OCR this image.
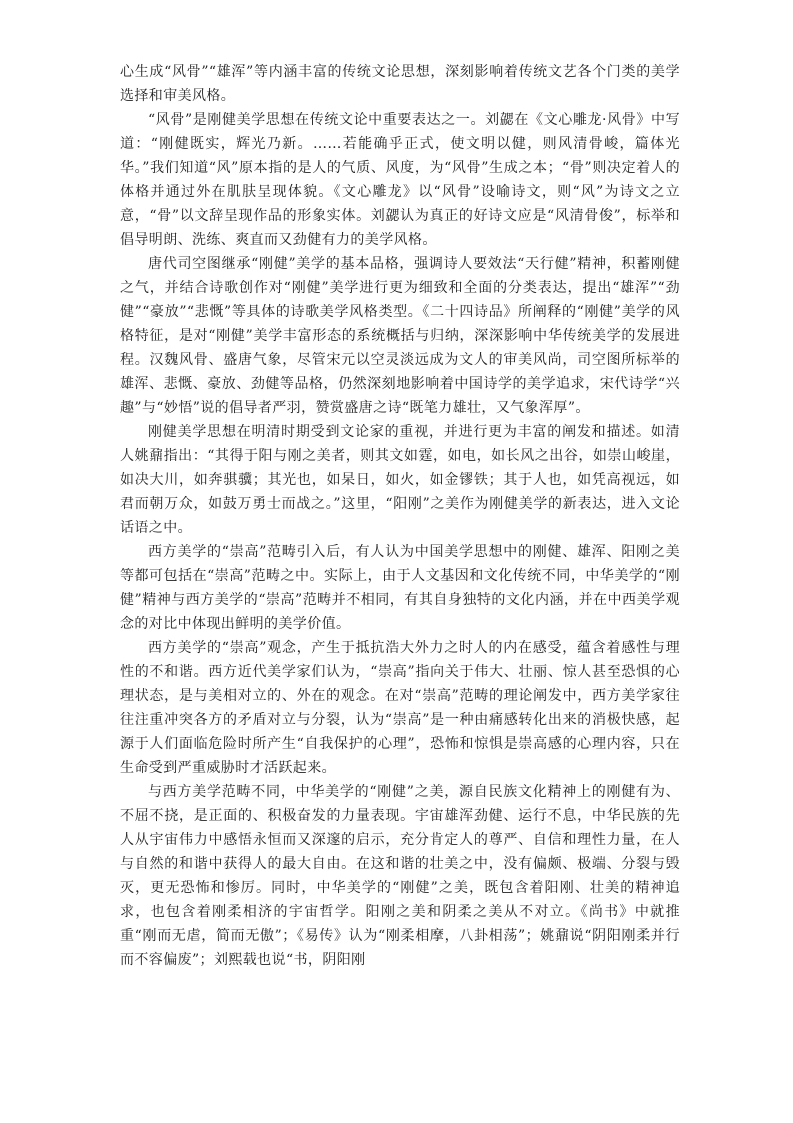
心生成“风骨”“雄浑”等内涵丰富的传统文论思想，深刻影响着传统文艺各个门类的美学选择和审美风格。

“风骨”是刚健美学思想在传统文论中重要表达之一。刘勰在《文心雕龙·风骨》中写道：“刚健既实，辉光乃新。……若能确乎正式，使文明以健，则风清骨峻，篇体光华。”我们知道“风”原本指的是人的气质、风度，为“风骨”生成之本；“骨”则决定着人的体格并通过外在肌肤呈现体貌。《文心雕龙》以“风骨”设喻诗文，则“风”为诗文之立意，“骨”以文辞呈现作品的形象实体。刘勰认为真正的好诗文应是“风清骨俊”，标举和倡导明朗、洗练、爽直而又劲健有力的美学风格。

唐代司空图继承“刚健”美学的基本品格，强调诗人要效法“天行健”精神，积蓄刚健之气，并结合诗歌创作对“刚健”美学进行更为细致和全面的分类表达，提出“雄浑”“劲健”“豪放”“悲慨”等具体的诗歌美学风格类型。《二十四诗品》所阐释的“刚健”美学的风格特征，是对“刚健”美学丰富形态的系统概括与归纳，深深影响中华传统美学的发展进程。汉魏风骨、盛唐气象，尽管宋元以空灵淡远成为文人的审美风尚，司空图所标举的雄浑、悲慨、豪放、劲健等品格，仍然深刻地影响着中国诗学的美学追求，宋代诗学“兴趣”与“妙悟”说的倡导者严羽，赞赏盛唐之诗“既笔力雄壮，又气象浑厚”。

刚健美学思想在明清时期受到文论家的重视，并进行更为丰富的阐发和描述。如清人姚鼐指出：“其得于阳与刚之美者，则其文如霆，如电，如长风之出谷，如崇山峻崖，如决大川，如奔骐骥；其光也，如杲日，如火，如金镠铁；其于人也，如凭高视远，如君而朝万众，如鼓万勇士而战之。”这里，“阳刚”之美作为刚健美学的新表达，进入文论话语之中。

西方美学的“崇高”范畴引入后，有人认为中国美学思想中的刚健、雄浑、阳刚之美等都可包括在“崇高”范畴之中。实际上，由于人文基因和文化传统不同，中华美学的“刚健”精神与西方美学的“崇高”范畴并不相同，有其自身独特的文化内涵，并在中西美学观念的对比中体现出鲜明的美学价值。

西方美学的“崇高”观念，产生于抵抗浩大外力之时人的内在感受，蕴含着感性与理性的不和谐。西方近代美学家们认为，“崇高”指向关于伟大、壮丽、惊人甚至恐惧的心理状态，是与美相对立的、外在的观念。在对“崇高”范畴的理论阐发中，西方美学家往往注重冲突各方的矛盾对立与分裂，认为“崇高”是一种由痛感转化出来的消极快感，起源于人们面临危险时所产生“自我保护的心理”，恐怖和惊惧是崇高感的心理内容，只在生命受到严重威胁时才活跃起来。

与西方美学范畴不同，中华美学的“刚健”之美，源自民族文化精神上的刚健有为、不屈不挠，是正面的、积极奋发的力量表现。宇宙雄浑劲健、运行不息，中华民族的先人从宇宙伟力中感悟永恒而又深邃的启示，充分肯定人的尊严、自信和理性力量，在人与自然的和谐中获得人的最大自由。在这和谐的壮美之中，没有偏颇、极端、分裂与毁灭，更无恐怖和惨厉。同时，中华美学的“刚健”之美，既包含着阳刚、壮美的精神追求，也包含着刚柔相济的宇宙哲学。阳刚之美和阴柔之美从不对立。《尚书》中就推重“刚而无虐，简而无傲”；《易传》认为“刚柔相摩，八卦相荡”；姚鼐说“阴阳刚柔并行而不容偏废”；刘熙载也说“书，阴阳刚
